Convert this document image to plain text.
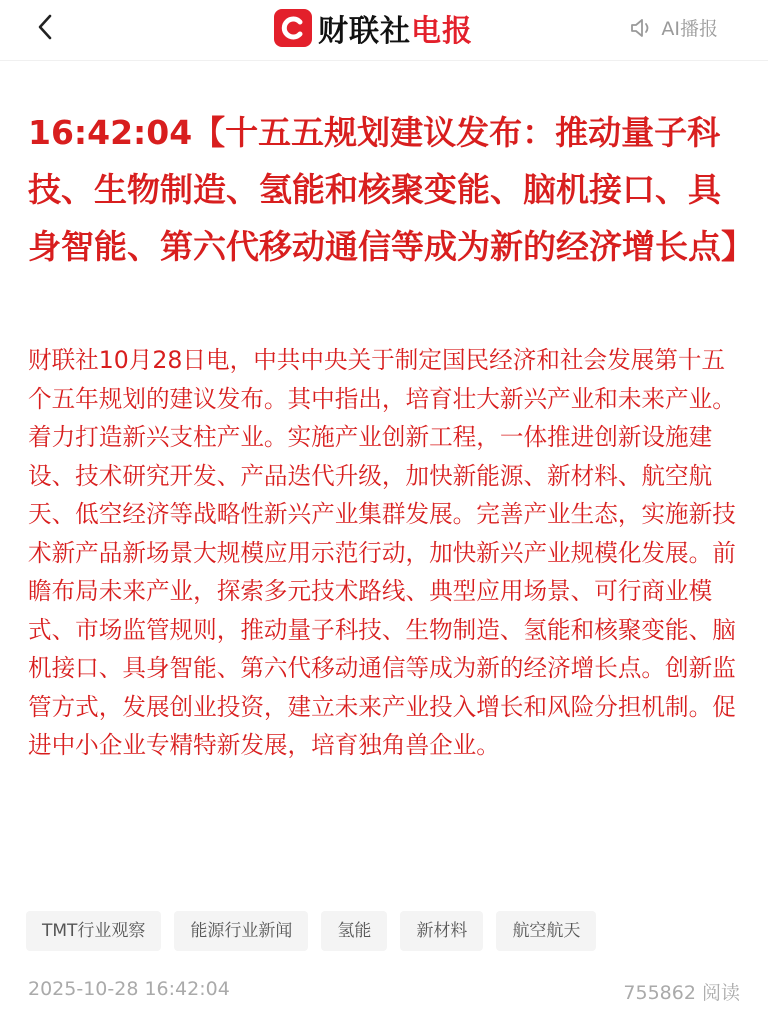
财联社电报	AI播报
16:42:04【十五五规划建议发布：推动量子科技、生物制造、氢能和核聚变能、脑机接口、具身智能、第六代移动通信等成为新的经济增长点】

财联社10月28日电，中共中央关于制定国民经济和社会发展第十五个五年规划的建议发布。其中指出，培育壮大新兴产业和未来产业。着力打造新兴支柱产业。实施产业创新工程，一体推进创新设施建设、技术研究开发、产品迭代升级，加快新能源、新材料、航空航天、低空经济等战略性新兴产业集群发展。完善产业生态，实施新技术新产品新场景大规模应用示范行动，加快新兴产业规模化发展。前瞻布局未来产业，探索多元技术路线、典型应用场景、可行商业模式、市场监管规则，推动量子科技、生物制造、氢能和核聚变能、脑机接口、具身智能、第六代移动通信等成为新的经济增长点。创新监管方式，发展创业投资，建立未来产业投入增长和风险分担机制。促进中小企业专精特新发展，培育独角兽企业。

TMT行业观察	能源行业新闻	氢能	新材料	航空航天
2025-10-28 16:42:04	755862 阅读
